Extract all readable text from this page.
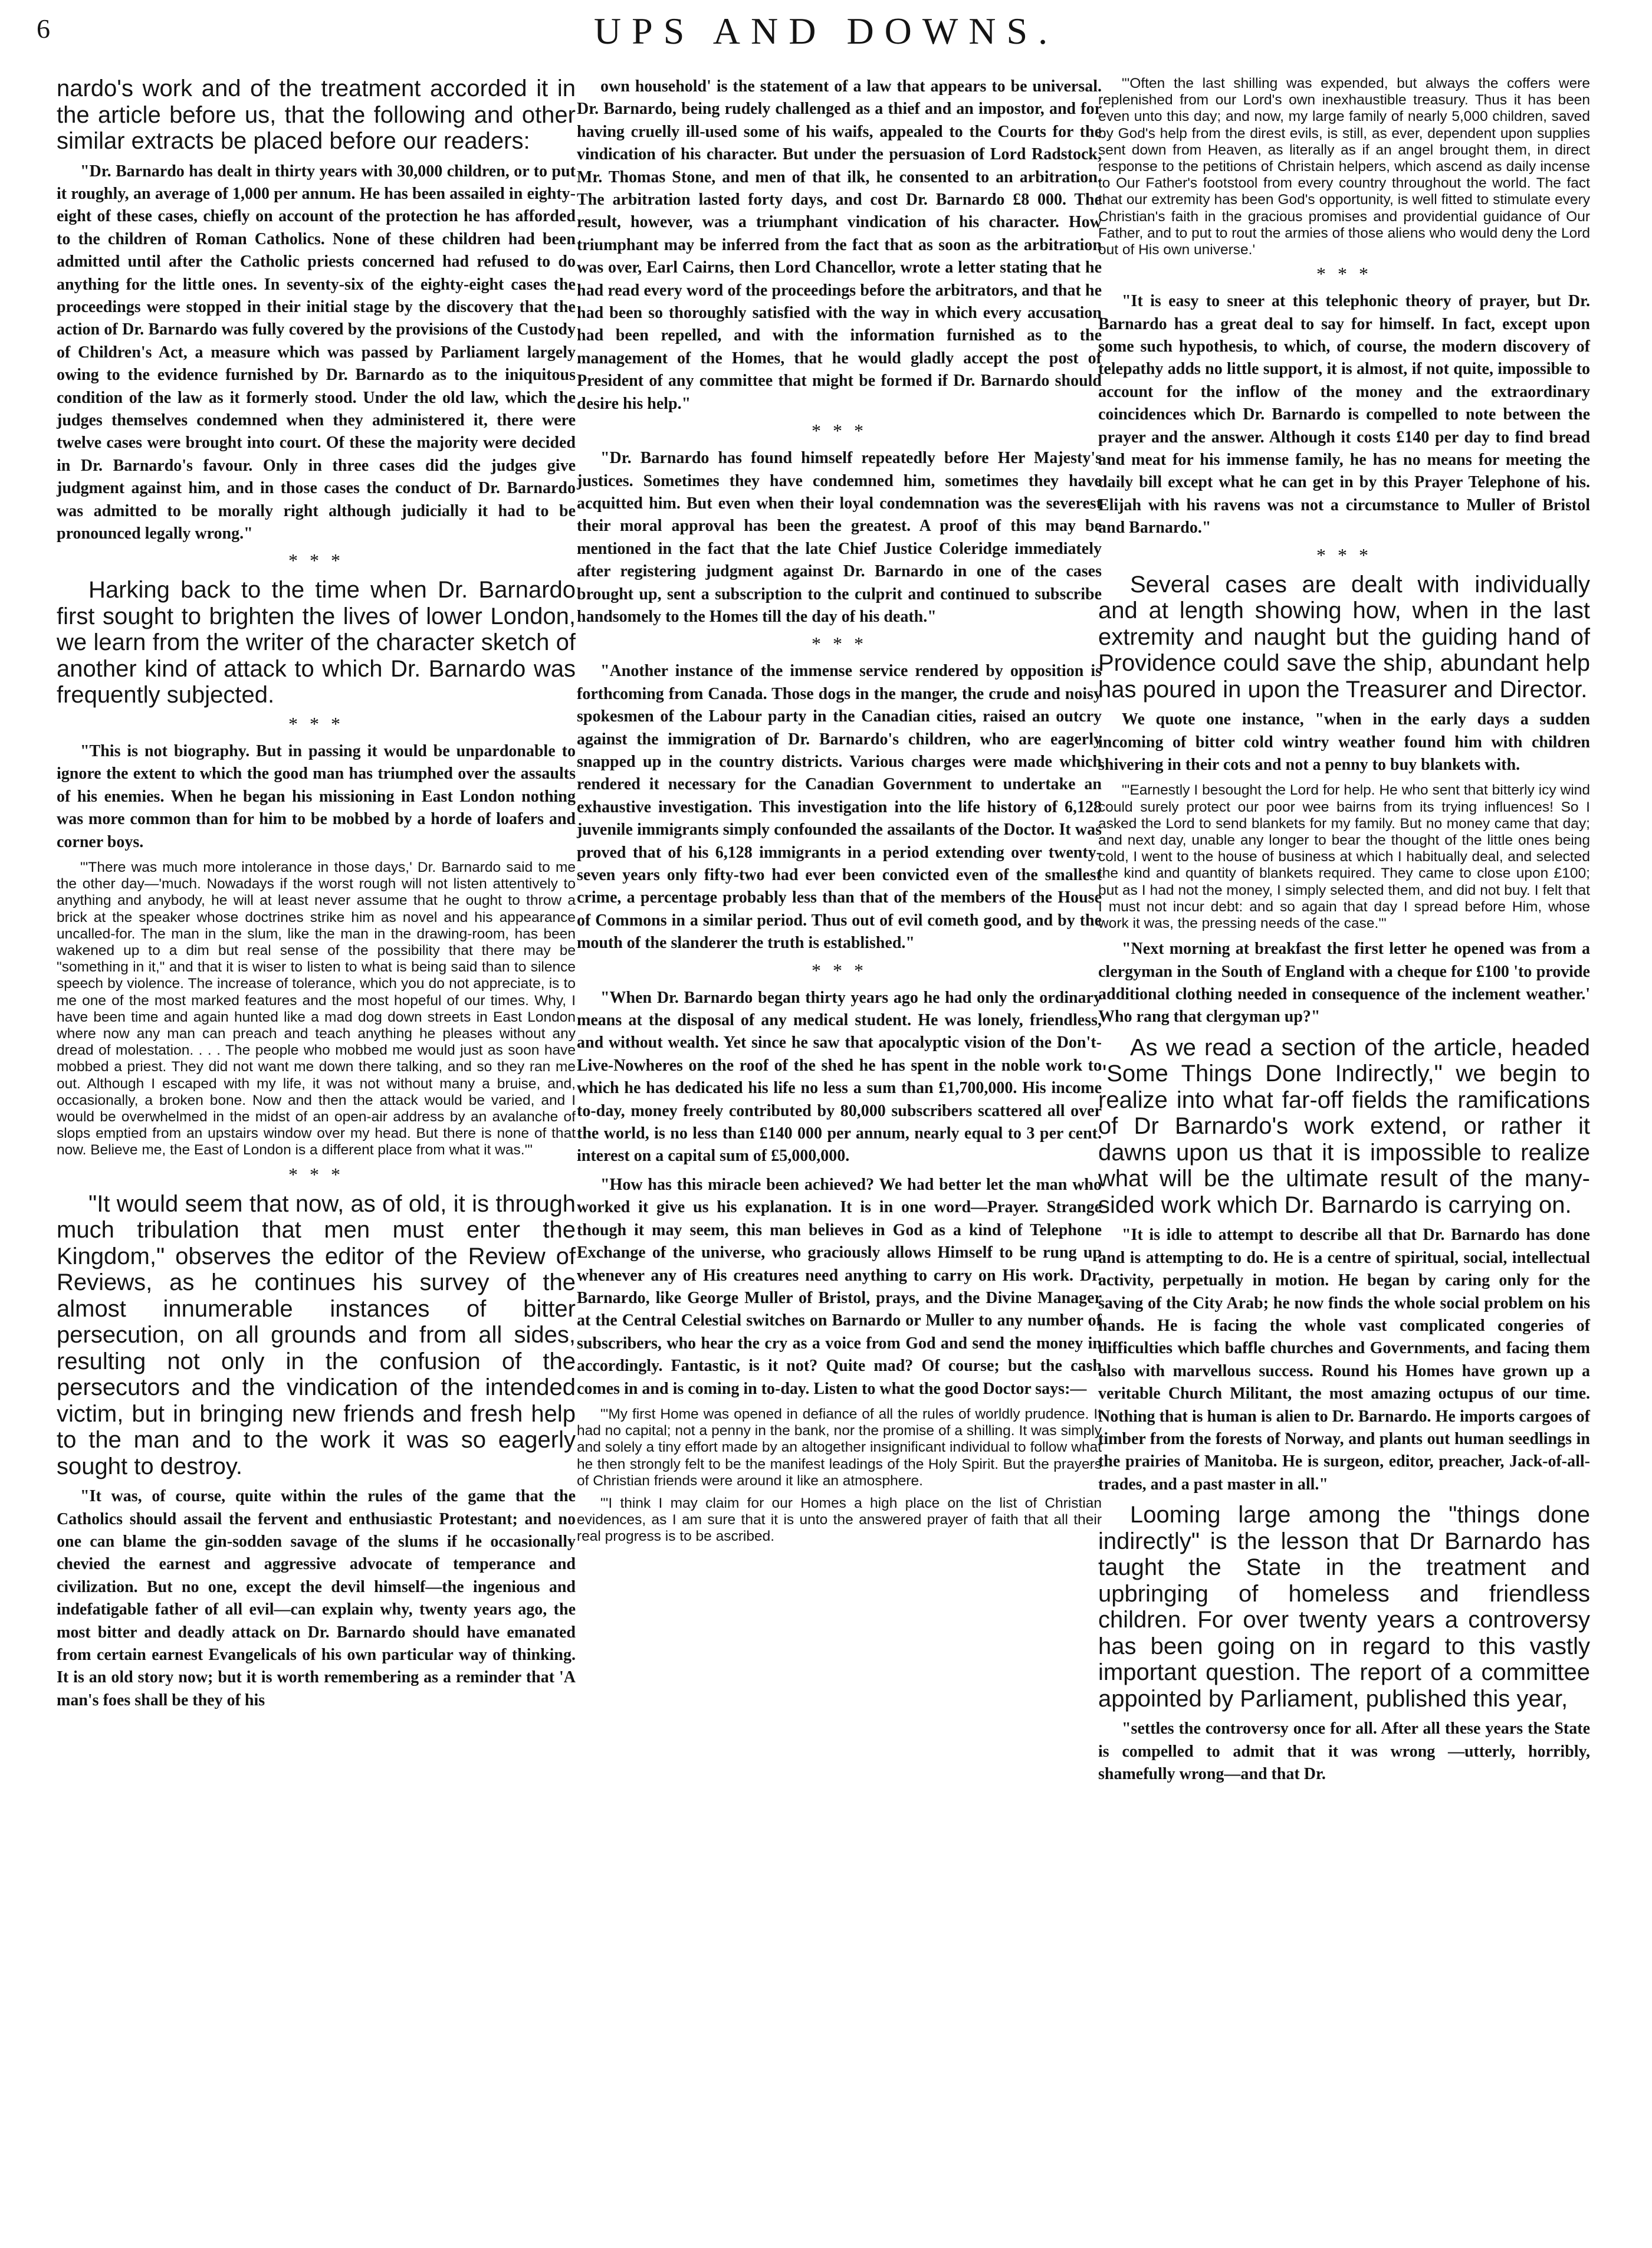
6	UPS AND DOWNS.

nardo's work and of the treatment accorded it in the article before us, that the following and other similar extracts be placed before our readers:

"Dr. Barnardo has dealt in thirty years with 30,000 children, or to put it roughly, an average of 1,000 per annum. He has been assailed in eighty-eight of these cases, chiefly on account of the protection he has afforded to the children of Roman Catholics. None of these children had been admitted until after the Catholic priests concerned had refused to do anything for the little ones. In seventy-six of the eighty-eight cases the proceedings were stopped in their initial stage by the discovery that the action of Dr. Barnardo was fully covered by the provisions of the Custody of Children's Act, a measure which was passed by Parliament largely owing to the evidence furnished by Dr. Barnardo as to the iniquitous condition of the law as it formerly stood. Under the old law, which the judges themselves condemned when they administered it, there were twelve cases were brought into court. Of these the majority were decided in Dr. Barnardo's favour. Only in three cases did the judges give judgment against him, and in those cases the conduct of Dr. Barnardo was admitted to be morally right although judicially it had to be pronounced legally wrong."

* * *

Harking back to the time when Dr. Barnardo first sought to brighten the lives of lower London, we learn from the writer of the character sketch of another kind of attack to which Dr. Barnardo was frequently subjected.

* * *

"This is not biography. But in passing it would be unpardonable to ignore the extent to which the good man has triumphed over the assaults of his enemies. When he began his missioning in East London nothing was more common than for him to be mobbed by a horde of loafers and corner boys.

"'There was much more intolerance in those days,' Dr. Barnardo said to me the other day—'much. Nowadays if the worst rough will not listen attentively to anything and anybody, he will at least never assume that he ought to throw a brick at the speaker whose doctrines strike him as novel and his appearance uncalled-for. The man in the slum, like the man in the drawing-room, has been wakened up to a dim but real sense of the possibility that there may be "something in it," and that it is wiser to listen to what is being said than to silence speech by violence. The increase of tolerance, which you do not appreciate, is to me one of the most marked features and the most hopeful of our times. Why, I have been time and again hunted like a mad dog down streets in East London where now any man can preach and teach anything he pleases without any dread of molestation. . . . The people who mobbed me would just as soon have mobbed a priest. They did not want me down there talking, and so they ran me out. Although I escaped with my life, it was not without many a bruise, and, occasionally, a broken bone. Now and then the attack would be varied, and I would be overwhelmed in the midst of an open-air address by an avalanche of slops emptied from an upstairs window over my head. But there is none of that now. Believe me, the East of London is a different place from what it was.'"

* * *

"It would seem that now, as of old, it is through much tribulation that men must enter the Kingdom," observes the editor of the Review of Reviews, as he continues his survey of the almost innumerable instances of bitter persecution, on all grounds and from all sides, resulting not only in the confusion of the persecutors and the vindication of the intended victim, but in bringing new friends and fresh help to the man and to the work it was so eagerly sought to destroy.

"It was, of course, quite within the rules of the game that the Catholics should assail the fervent and enthusiastic Protestant; and no one can blame the gin-sodden savage of the slums if he occasionally chevied the earnest and aggressive advocate of temperance and civilization. But no one, except the devil himself—the ingenious and indefatigable father of all evil—can explain why, twenty years ago, the most bitter and deadly attack on Dr. Barnardo should have emanated from certain earnest Evangelicals of his own particular way of thinking. It is an old story now; but it is worth remembering as a reminder that 'A man's foes shall be they of his

own household' is the statement of a law that appears to be universal. Dr. Barnardo, being rudely challenged as a thief and an impostor, and for having cruelly ill-used some of his waifs, appealed to the Courts for the vindication of his character. But under the persuasion of Lord Radstock, Mr. Thomas Stone, and men of that ilk, he consented to an arbitration. The arbitration lasted forty days, and cost Dr. Barnardo £8 000. The result, however, was a triumphant vindication of his character. How triumphant may be inferred from the fact that as soon as the arbitration was over, Earl Cairns, then Lord Chancellor, wrote a letter stating that he had read every word of the proceedings before the arbitrators, and that he had been so thoroughly satisfied with the way in which every accusation had been repelled, and with the information furnished as to the management of the Homes, that he would gladly accept the post of President of any committee that might be formed if Dr. Barnardo should desire his help."

* * *

"Dr. Barnardo has found himself repeatedly before Her Majesty's justices. Sometimes they have condemned him, sometimes they have acquitted him. But even when their loyal condemnation was the severest their moral approval has been the greatest. A proof of this may be mentioned in the fact that the late Chief Justice Coleridge immediately after registering judgment against Dr. Barnardo in one of the cases brought up, sent a subscription to the culprit and continued to subscribe handsomely to the Homes till the day of his death."

* * *

"Another instance of the immense service rendered by opposition is forthcoming from Canada. Those dogs in the manger, the crude and noisy spokesmen of the Labour party in the Canadian cities, raised an outcry against the immigration of Dr. Barnardo's children, who are eagerly snapped up in the country districts. Various charges were made which rendered it necessary for the Canadian Government to undertake an exhaustive investigation. This investigation into the life history of 6,128 juvenile immigrants simply confounded the assailants of the Doctor. It was proved that of his 6,128 immigrants in a period extending over twenty-seven years only fifty-two had ever been convicted even of the smallest crime, a percentage probably less than that of the members of the House of Commons in a similar period. Thus out of evil cometh good, and by the mouth of the slanderer the truth is established."

* * *

"When Dr. Barnardo began thirty years ago he had only the ordinary means at the disposal of any medical student. He was lonely, friendless, and without wealth. Yet since he saw that apocalyptic vision of the Don't-Live-Nowheres on the roof of the shed he has spent in the noble work to which he has dedicated his life no less a sum than £1,700,000. His income to-day, money freely contributed by 80,000 subscribers scattered all over the world, is no less than £140 000 per annum, nearly equal to 3 per cent. interest on a capital sum of £5,000,000.

"How has this miracle been achieved? We had better let the man who worked it give us his explanation. It is in one word—Prayer. Strange though it may seem, this man believes in God as a kind of Telephone Exchange of the universe, who graciously allows Himself to be rung up whenever any of His creatures need anything to carry on His work. Dr. Barnardo, like George Muller of Bristol, prays, and the Divine Manager at the Central Celestial switches on Barnardo or Muller to any number of subscribers, who hear the cry as a voice from God and send the money in accordingly. Fantastic, is it not? Quite mad? Of course; but the cash comes in and is coming in to-day. Listen to what the good Doctor says:—

"'My first Home was opened in defiance of all the rules of worldly prudence. It had no capital; not a penny in the bank, nor the promise of a shilling. It was simply and solely a tiny effort made by an altogether insignificant individual to follow what he then strongly felt to be the manifest leadings of the Holy Spirit. But the prayers of Christian friends were around it like an atmosphere.

"'I think I may claim for our Homes a high place on the list of Christian evidences, as I am sure that it is unto the answered prayer of faith that all their real progress is to be ascribed.

"'Often the last shilling was expended, but always the coffers were replenished from our Lord's own inexhaustible treasury. Thus it has been even unto this day; and now, my large family of nearly 5,000 children, saved by God's help from the direst evils, is still, as ever, dependent upon supplies sent down from Heaven, as literally as if an angel brought them, in direct response to the petitions of Christain helpers, which ascend as daily incense to Our Father's footstool from every country throughout the world. The fact that our extremity has been God's opportunity, is well fitted to stimulate every Christian's faith in the gracious promises and providential guidance of Our Father, and to put to rout the armies of those aliens who would deny the Lord out of His own universe.'

* * *

"It is easy to sneer at this telephonic theory of prayer, but Dr. Barnardo has a great deal to say for himself. In fact, except upon some such hypothesis, to which, of course, the modern discovery of telepathy adds no little support, it is almost, if not quite, impossible to account for the inflow of the money and the extraordinary coincidences which Dr. Barnardo is compelled to note between the prayer and the answer. Although it costs £140 per day to find bread and meat for his immense family, he has no means for meeting the daily bill except what he can get in by this Prayer Telephone of his. Elijah with his ravens was not a circumstance to Muller of Bristol and Barnardo."

* * *

Several cases are dealt with individually and at length showing how, when in the last extremity and naught but the guiding hand of Providence could save the ship, abundant help has poured in upon the Treasurer and Director.

We quote one instance, "when in the early days a sudden incoming of bitter cold wintry weather found him with children shivering in their cots and not a penny to buy blankets with.

"'Earnestly I besought the Lord for help. He who sent that bitterly icy wind could surely protect our poor wee bairns from its trying influences! So I asked the Lord to send blankets for my family. But no money came that day; and next day, unable any longer to bear the thought of the little ones being cold, I went to the house of business at which I habitually deal, and selected the kind and quantity of blankets required. They came to close upon £100; but as I had not the money, I simply selected them, and did not buy. I felt that I must not incur debt: and so again that day I spread before Him, whose work it was, the pressing needs of the case.'"

"Next morning at breakfast the first letter he opened was from a clergyman in the South of England with a cheque for £100 'to provide additional clothing needed in consequence of the inclement weather.' Who rang that clergyman up?"

As we read a section of the article, headed "Some Things Done Indirectly," we begin to realize into what far-off fields the ramifications of Dr Barnardo's work extend, or rather it dawns upon us that it is impossible to realize what will be the ultimate result of the many-sided work which Dr. Barnardo is carrying on.

"It is idle to attempt to describe all that Dr. Barnardo has done and is attempting to do. He is a centre of spiritual, social, intellectual activity, perpetually in motion. He began by caring only for the saving of the City Arab; he now finds the whole social problem on his hands. He is facing the whole vast complicated congeries of difficulties which baffle churches and Governments, and facing them also with marvellous success. Round his Homes have grown up a veritable Church Militant, the most amazing octupus of our time. Nothing that is human is alien to Dr. Barnardo. He imports cargoes of timber from the forests of Norway, and plants out human seedlings in the prairies of Manitoba. He is surgeon, editor, preacher, Jack-of-all-trades, and a past master in all."

Looming large among the "things done indirectly" is the lesson that Dr Barnardo has taught the State in the treatment and upbringing of homeless and friendless children. For over twenty years a controversy has been going on in regard to this vastly important question. The report of a committee appointed by Parliament, published this year,

"settles the controversy once for all. After all these years the State is compelled to admit that it was wrong —utterly, horribly, shamefully wrong—and that Dr.
